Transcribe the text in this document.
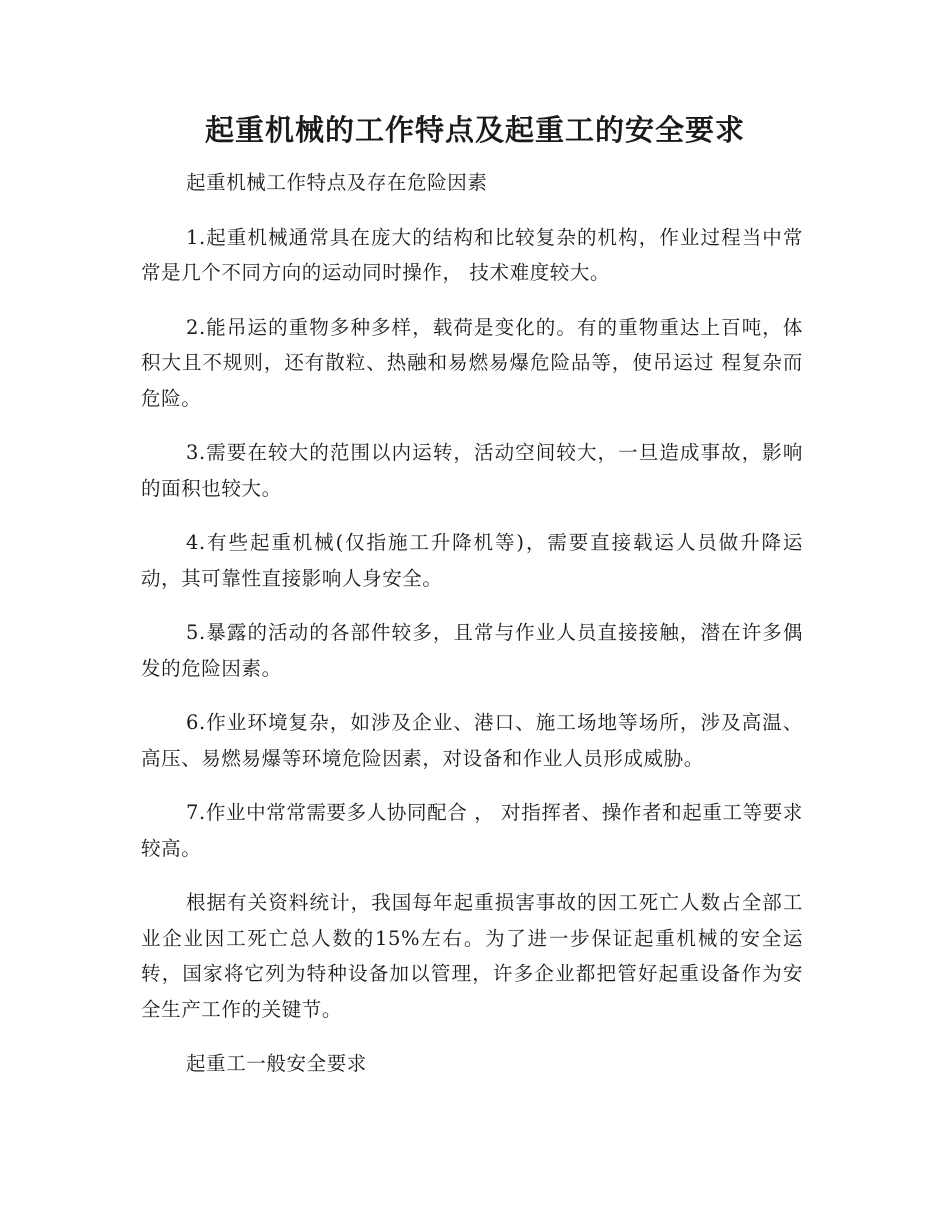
起重机械的工作特点及起重工的安全要求

起重机械工作特点及存在危险因素

1.起重机械通常具在庞大的结构和比较复杂的机构，作业过程当中常常是几个不同方向的运动同时操作， 技术难度较大。

2.能吊运的重物多种多样，载荷是变化的。有的重物重达上百吨，体积大且不规则，还有散粒、热融和易燃易爆危险品等，使吊运过 程复杂而危险。

3.需要在较大的范围以内运转，活动空间较大，一旦造成事故，影响的面积也较大。

4.有些起重机械(仅指施工升降机等)，需要直接载运人员做升降运动，其可靠性直接影响人身安全。

5.暴露的活动的各部件较多，且常与作业人员直接接触，潜在许多偶发的危险因素。

6.作业环境复杂，如涉及企业、港口、施工场地等场所，涉及高温、高压、易燃易爆等环境危险因素，对设备和作业人员形成威胁。

7.作业中常常需要多人协同配合 ， 对指挥者、操作者和起重工等要求较高。

根据有关资料统计，我国每年起重损害事故的因工死亡人数占全部工业企业因工死亡总人数的15%左右。为了进一步保证起重机械的安全运转，国家将它列为特种设备加以管理，许多企业都把管好起重设备作为安全生产工作的关键节。

起重工一般安全要求
